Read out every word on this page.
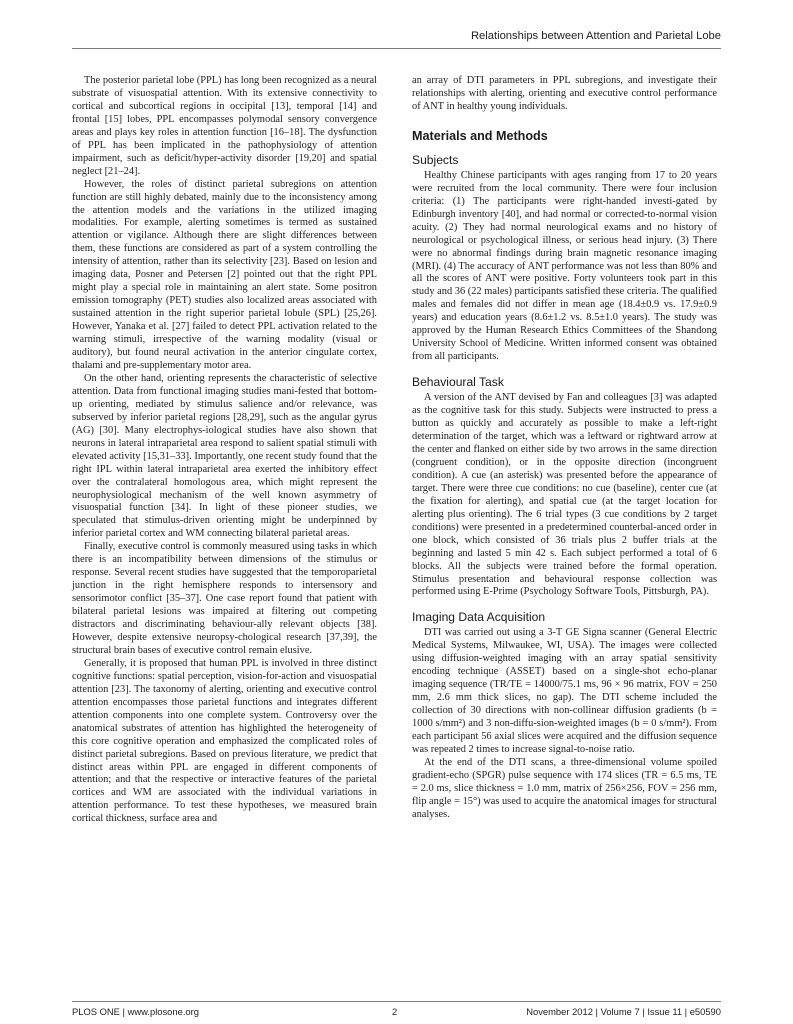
Relationships between Attention and Parietal Lobe

The posterior parietal lobe (PPL) has long been recognized as a neural substrate of visuospatial attention. With its extensive connectivity to cortical and subcortical regions in occipital [13], temporal [14] and frontal [15] lobes, PPL encompasses polymodal sensory convergence areas and plays key roles in attention function [16–18]. The dysfunction of PPL has been implicated in the pathophysiology of attention impairment, such as deficit/hyper-activity disorder [19,20] and spatial neglect [21–24].

However, the roles of distinct parietal subregions on attention function are still highly debated, mainly due to the inconsistency among the attention models and the variations in the utilized imaging modalities. For example, alerting sometimes is termed as sustained attention or vigilance. Although there are slight differences between them, these functions are considered as part of a system controlling the intensity of attention, rather than its selectivity [23]. Based on lesion and imaging data, Posner and Petersen [2] pointed out that the right PPL might play a special role in maintaining an alert state. Some positron emission tomography (PET) studies also localized areas associated with sustained attention in the right superior parietal lobule (SPL) [25,26]. However, Yanaka et al. [27] failed to detect PPL activation related to the warning stimuli, irrespective of the warning modality (visual or auditory), but found neural activation in the anterior cingulate cortex, thalami and pre-supplementary motor area.

On the other hand, orienting represents the characteristic of selective attention. Data from functional imaging studies mani-fested that bottom-up orienting, mediated by stimulus salience and/or relevance, was subserved by inferior parietal regions [28,29], such as the angular gyrus (AG) [30]. Many electrophys-iological studies have also shown that neurons in lateral intraparietal area respond to salient spatial stimuli with elevated activity [15,31–33]. Importantly, one recent study found that the right IPL within lateral intraparietal area exerted the inhibitory effect over the contralateral homologous area, which might represent the neurophysiological mechanism of the well known asymmetry of visuospatial function [34]. In light of these pioneer studies, we speculated that stimulus-driven orienting might be underpinned by inferior parietal cortex and WM connecting bilateral parietal areas.

Finally, executive control is commonly measured using tasks in which there is an incompatibility between dimensions of the stimulus or response. Several recent studies have suggested that the temporoparietal junction in the right hemisphere responds to intersensory and sensorimotor conflict [35–37]. One case report found that patient with bilateral parietal lesions was impaired at filtering out competing distractors and discriminating behaviour-ally relevant objects [38]. However, despite extensive neuropsy-chological research [37,39], the structural brain bases of executive control remain elusive.

Generally, it is proposed that human PPL is involved in three distinct cognitive functions: spatial perception, vision-for-action and visuospatial attention [23]. The taxonomy of alerting, orienting and executive control attention encompasses those parietal functions and integrates different attention components into one complete system. Controversy over the anatomical substrates of attention has highlighted the heterogeneity of this core cognitive operation and emphasized the complicated roles of distinct parietal subregions. Based on previous literature, we predict that distinct areas within PPL are engaged in different components of attention; and that the respective or interactive features of the parietal cortices and WM are associated with the individual variations in attention performance. To test these hypotheses, we measured brain cortical thickness, surface area and

an array of DTI parameters in PPL subregions, and investigate their relationships with alerting, orienting and executive control performance of ANT in healthy young individuals.

Materials and Methods
Subjects

Healthy Chinese participants with ages ranging from 17 to 20 years were recruited from the local community. There were four inclusion criteria: (1) The participants were right-handed investi-gated by Edinburgh inventory [40], and had normal or corrected-to-normal vision acuity. (2) They had normal neurological exams and no history of neurological or psychological illness, or serious head injury. (3) There were no abnormal findings during brain magnetic resonance imaging (MRI). (4) The accuracy of ANT performance was not less than 80% and all the scores of ANT were positive. Forty volunteers took part in this study and 36 (22 males) participants satisfied these criteria. The qualified males and females did not differ in mean age (18.4±0.9 vs. 17.9±0.9 years) and education years (8.6±1.2 vs. 8.5±1.0 years). The study was approved by the Human Research Ethics Committees of the Shandong University School of Medicine. Written informed consent was obtained from all participants.

Behavioural Task

A version of the ANT devised by Fan and colleagues [3] was adapted as the cognitive task for this study. Subjects were instructed to press a button as quickly and accurately as possible to make a left-right determination of the target, which was a leftward or rightward arrow at the center and flanked on either side by two arrows in the same direction (congruent condition), or in the opposite direction (incongruent condition). A cue (an asterisk) was presented before the appearance of target. There were three cue conditions: no cue (baseline), center cue (at the fixation for alerting), and spatial cue (at the target location for alerting plus orienting). The 6 trial types (3 cue conditions by 2 target conditions) were presented in a predetermined counterbal-anced order in one block, which consisted of 36 trials plus 2 buffer trials at the beginning and lasted 5 min 42 s. Each subject performed a total of 6 blocks. All the subjects were trained before the formal operation. Stimulus presentation and behavioural response collection was performed using E-Prime (Psychology Software Tools, Pittsburgh, PA).

Imaging Data Acquisition

DTI was carried out using a 3-T GE Signa scanner (General Electric Medical Systems, Milwaukee, WI, USA). The images were collected using diffusion-weighted imaging with an array spatial sensitivity encoding technique (ASSET) based on a single-shot echo-planar imaging sequence (TR/TE = 14000/75.1 ms, 96 × 96 matrix, FOV = 250 mm, 2.6 mm thick slices, no gap). The DTI scheme included the collection of 30 directions with non-collinear diffusion gradients (b = 1000 s/mm²) and 3 non-diffu-sion-weighted images (b = 0 s/mm²). From each participant 56 axial slices were acquired and the diffusion sequence was repeated 2 times to increase signal-to-noise ratio.

At the end of the DTI scans, a three-dimensional volume spoiled gradient-echo (SPGR) pulse sequence with 174 slices (TR = 6.5 ms, TE = 2.0 ms, slice thickness = 1.0 mm, matrix of 256×256, FOV = 256 mm, flip angle = 15°) was used to acquire the anatomical images for structural analyses.

PLOS ONE | www.plosone.org	2	November 2012 | Volume 7 | Issue 11 | e50590
